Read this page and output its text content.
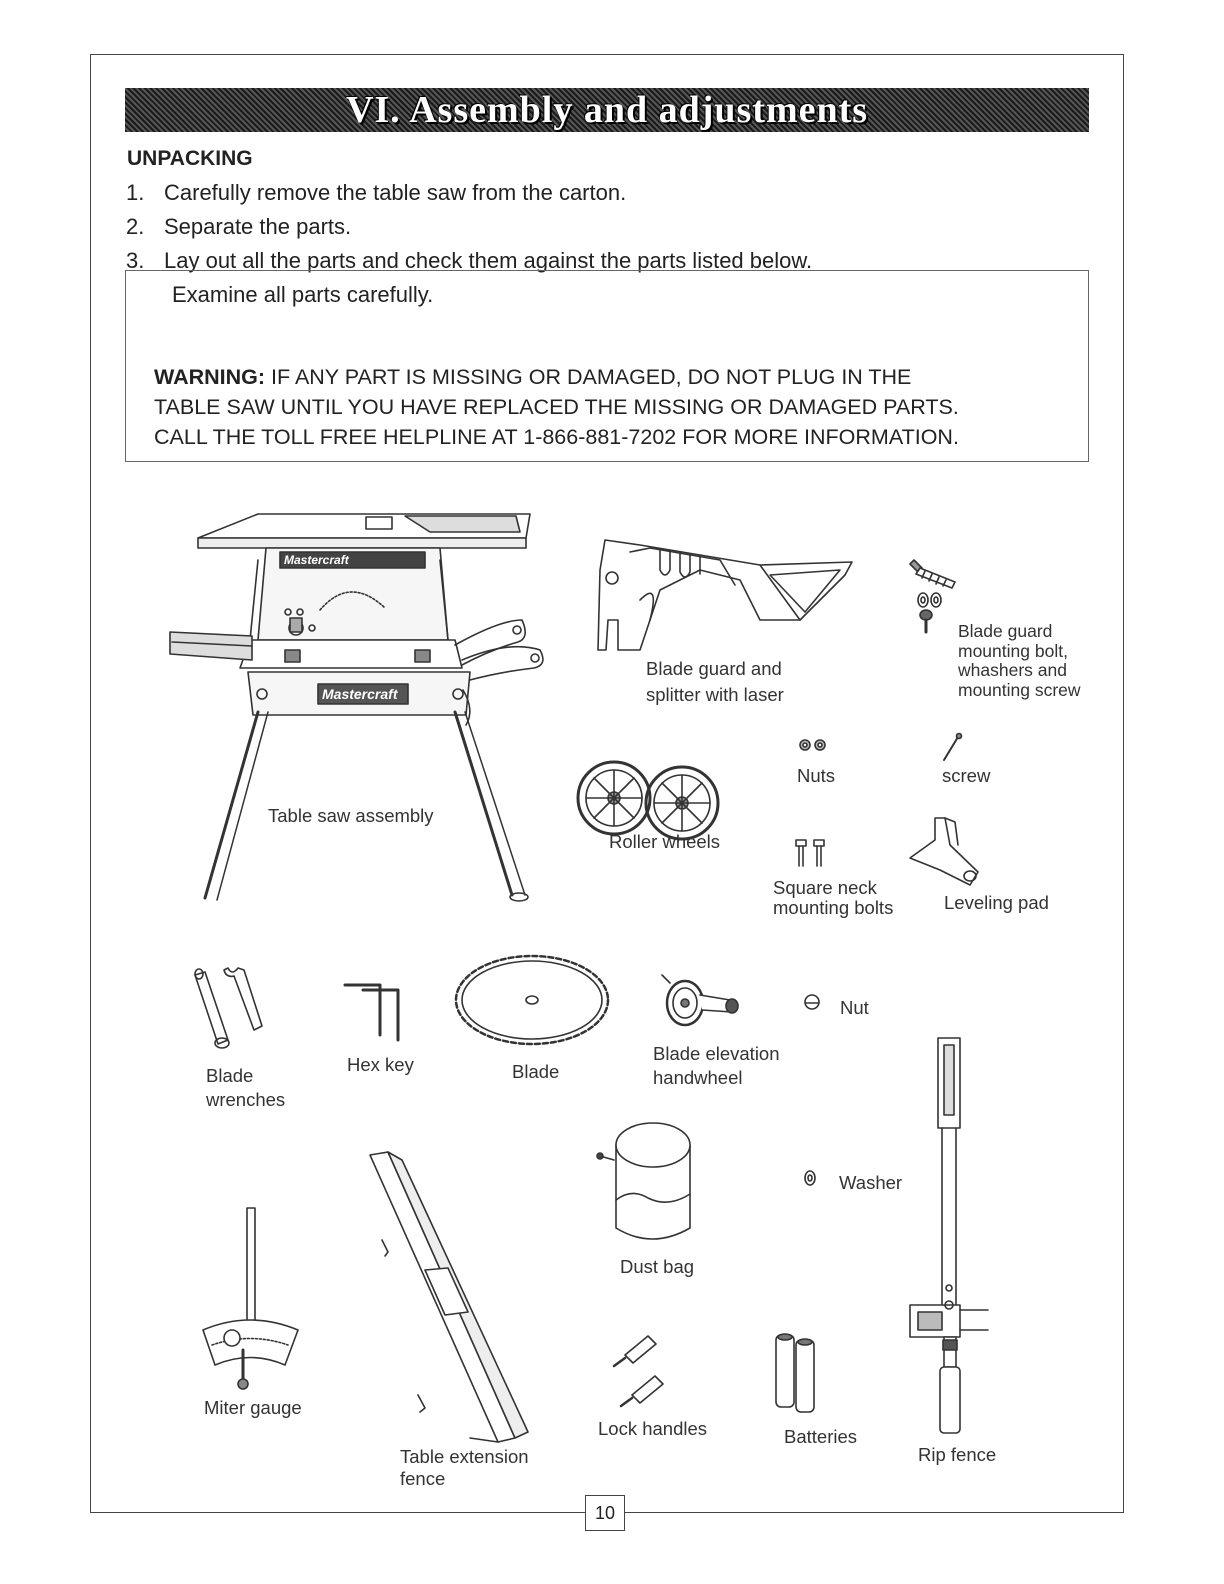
VI. Assembly and adjustments
UNPACKING
1. Carefully remove the table saw from the carton.
2. Separate the parts.
3. Lay out all the parts and check them against the parts listed below.
Examine all parts carefully.
WARNING: IF ANY PART IS MISSING OR DAMAGED, DO NOT PLUG IN THE
TABLE SAW UNTIL YOU HAVE REPLACED THE MISSING OR DAMAGED PARTS.
CALL THE TOLL FREE HELPLINE AT 1-866-881-7202 FOR MORE INFORMATION.
Mastercraft
Mastercraft
Table saw assembly
Blade guard and
splitter with laser
Blade guard
mounting bolt,
whashers and
mounting screw
Nuts	screw
Roller wheels
Square neck
mounting bolts	Leveling pad
Blade
wrenches
Hex key	Blade
Blade elevation
handwheel
Nut
Washer
Dust bag
Miter gauge
Table extension
fence
Lock handles	Batteries
Rip fence
10
